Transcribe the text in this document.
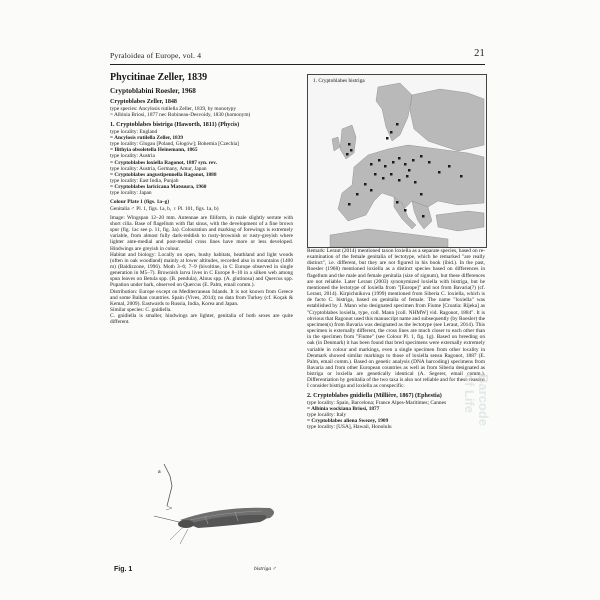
Pyraloidea of Europe, vol. 4	21

Phycitinae Zeller, 1839

Cryptoblabini Roesler, 1968

Cryptoblabes Zeller, 1848

type species: Ancylosis rutilella Zeller, 1839, by monotypy

= Albinia Briosi, 1877 nec Robineau-Desvoidy, 1830 (homonym)

1. Cryptoblabes bistriga (Haworth, 1811) (Phycis)

type locality: England

= Ancylosis rutilella Zeller, 1839

type locality: Glogau [Poland, Głogów]; Bohemia [Czechia]

= Ilithyia obsoletella Heinemann, 1865

type locality: Austria

= Cryptoblabes loxiella Ragonot, 1887 syn. rev.

type locality: Austria, Germany, Amur, Japan

= Cryptoblabes angustipennella Ragonot, 1888

type locality: East India, Punjab

= Cryptoblabes laricicana Matsuura, 1960

type locality: Japan

Colour Plate 1 (figs. 1a–g)

Genitalia ♂ Pl. 1, figs. 1a, b, ♀ Pl. 101, figs. 1a, b)

Image: Wingspan 12–20 mm. Antennae are filiform, in male slightly serrate with short cilia. Base of flagellum with flat sinus, with the development of a fine brown spur (fig. 1ac see p. 11, fig. 3a). Colouration and marking of forewings is extremely variable, from almost fully dark-reddish to rusty-brownish or rusty-greyish where lighter ante-medial and post-medial cross lines have more or less developed. Hindwings are greyish in colour.

Habitat and biology: Locally on open, bushy habitats, heathland and light woods (often in oak woodland) mainly at lower altitudes, recorded also in mountains (1400 m) (Baldizzone, 1996). Moth 3–6; 7–9 (bivoltine, in C Europe observed in single generation in M5–7). Brownish larva lives in C Europe 8–10 in a silken web among spun leaves on Betula spp. (B. pendula), Alnus spp. (A. glutinosa) and Quercus spp. Pupation under bark, observed on Quercus (E. Palm, email comm.).

Distribution: Europe except on Mediterranean Islands. It is not known from Greece and some Balkan countries. Spain (Vives, 2014); no data from Turkey (cf. Koçak & Kemal, 2009). Eastwards to Russia, India, Korea and Japan.

Similar species: C. gnidiella.

C. gnidiella is smaller, hindwings are lighter, genitalia of both sexes are quite different.

a
Fig. 1	bistriga ♂
1. Cryptoblabes bistriga

Remark: Leraut (2014) mentioned taxon loxiella as a separate species, based on re-examination of the female genitalia of lectotype, which he remarked "are really distinct", i.e. different, but they are not figured in his book (ibid.). In the past, Roesler (1968) mentioned loxiella as a distinct species based on differences in flagellum and the male and female genitalia (size of signum), but these differences are not reliable. Later Leraut (2003) synonymized loxiella with bistriga, but he mentioned the lectotype of loxiella from "[Europe]" and not from Bavaria(?) (cf. Leraut, 2014). Kirpichnikova (1999) mentioned from Siberia C. loxiella, which is de facto C. bistriga, based on genitalia of female. The name "loxiella" was established by J. Mann who designated specimen from Fiume [Croatia: Rijeka] as "Cryptoblabes loxiella, type, coll. Mann [coll. NHMW] vid. Ragonot, 1884". It is obvious that Ragonot used this manuscript name and subsequently (by Roesler) the specimen(s) from Bavaria was designated as the lectotype (see Leraut, 2014). This specimen is externally different, the cross lines are much closer to each other than in the specimen from "Fiume" (see Colour Pl. 1, fig. 1g). Based on breeding on oak (in Denmark) it has been found that bred specimens were externally extremely variable in colour and markings, even a single specimen from other locality in Denmark showed similar markings to those of loxiella sensu Ragonot, 1887 (E. Palm, email comm.). Based on genetic analysis (DNA barcoding) specimens from Bavaria and from other European countries as well as from Siberia designated as bistriga or loxiella are genetically identical (A. Segerer, email comm.). Differentiation by genitalia of the two taxa is also not reliable and for these reasons I consider bistriga and loxiella as conspecific.

2. Cryptoblabes gnidiella (Millière, 1867) (Ephestia)

type locality: Spain, Barcelona; France Alpes-Maritimes; Cannes

= Albinia wockiana Briosi, 1877

type locality: Italy

= Cryptoblabes aliena Swezey, 1909

type locality: [USA], Hawaii, Honolulu

Barcode of Life
